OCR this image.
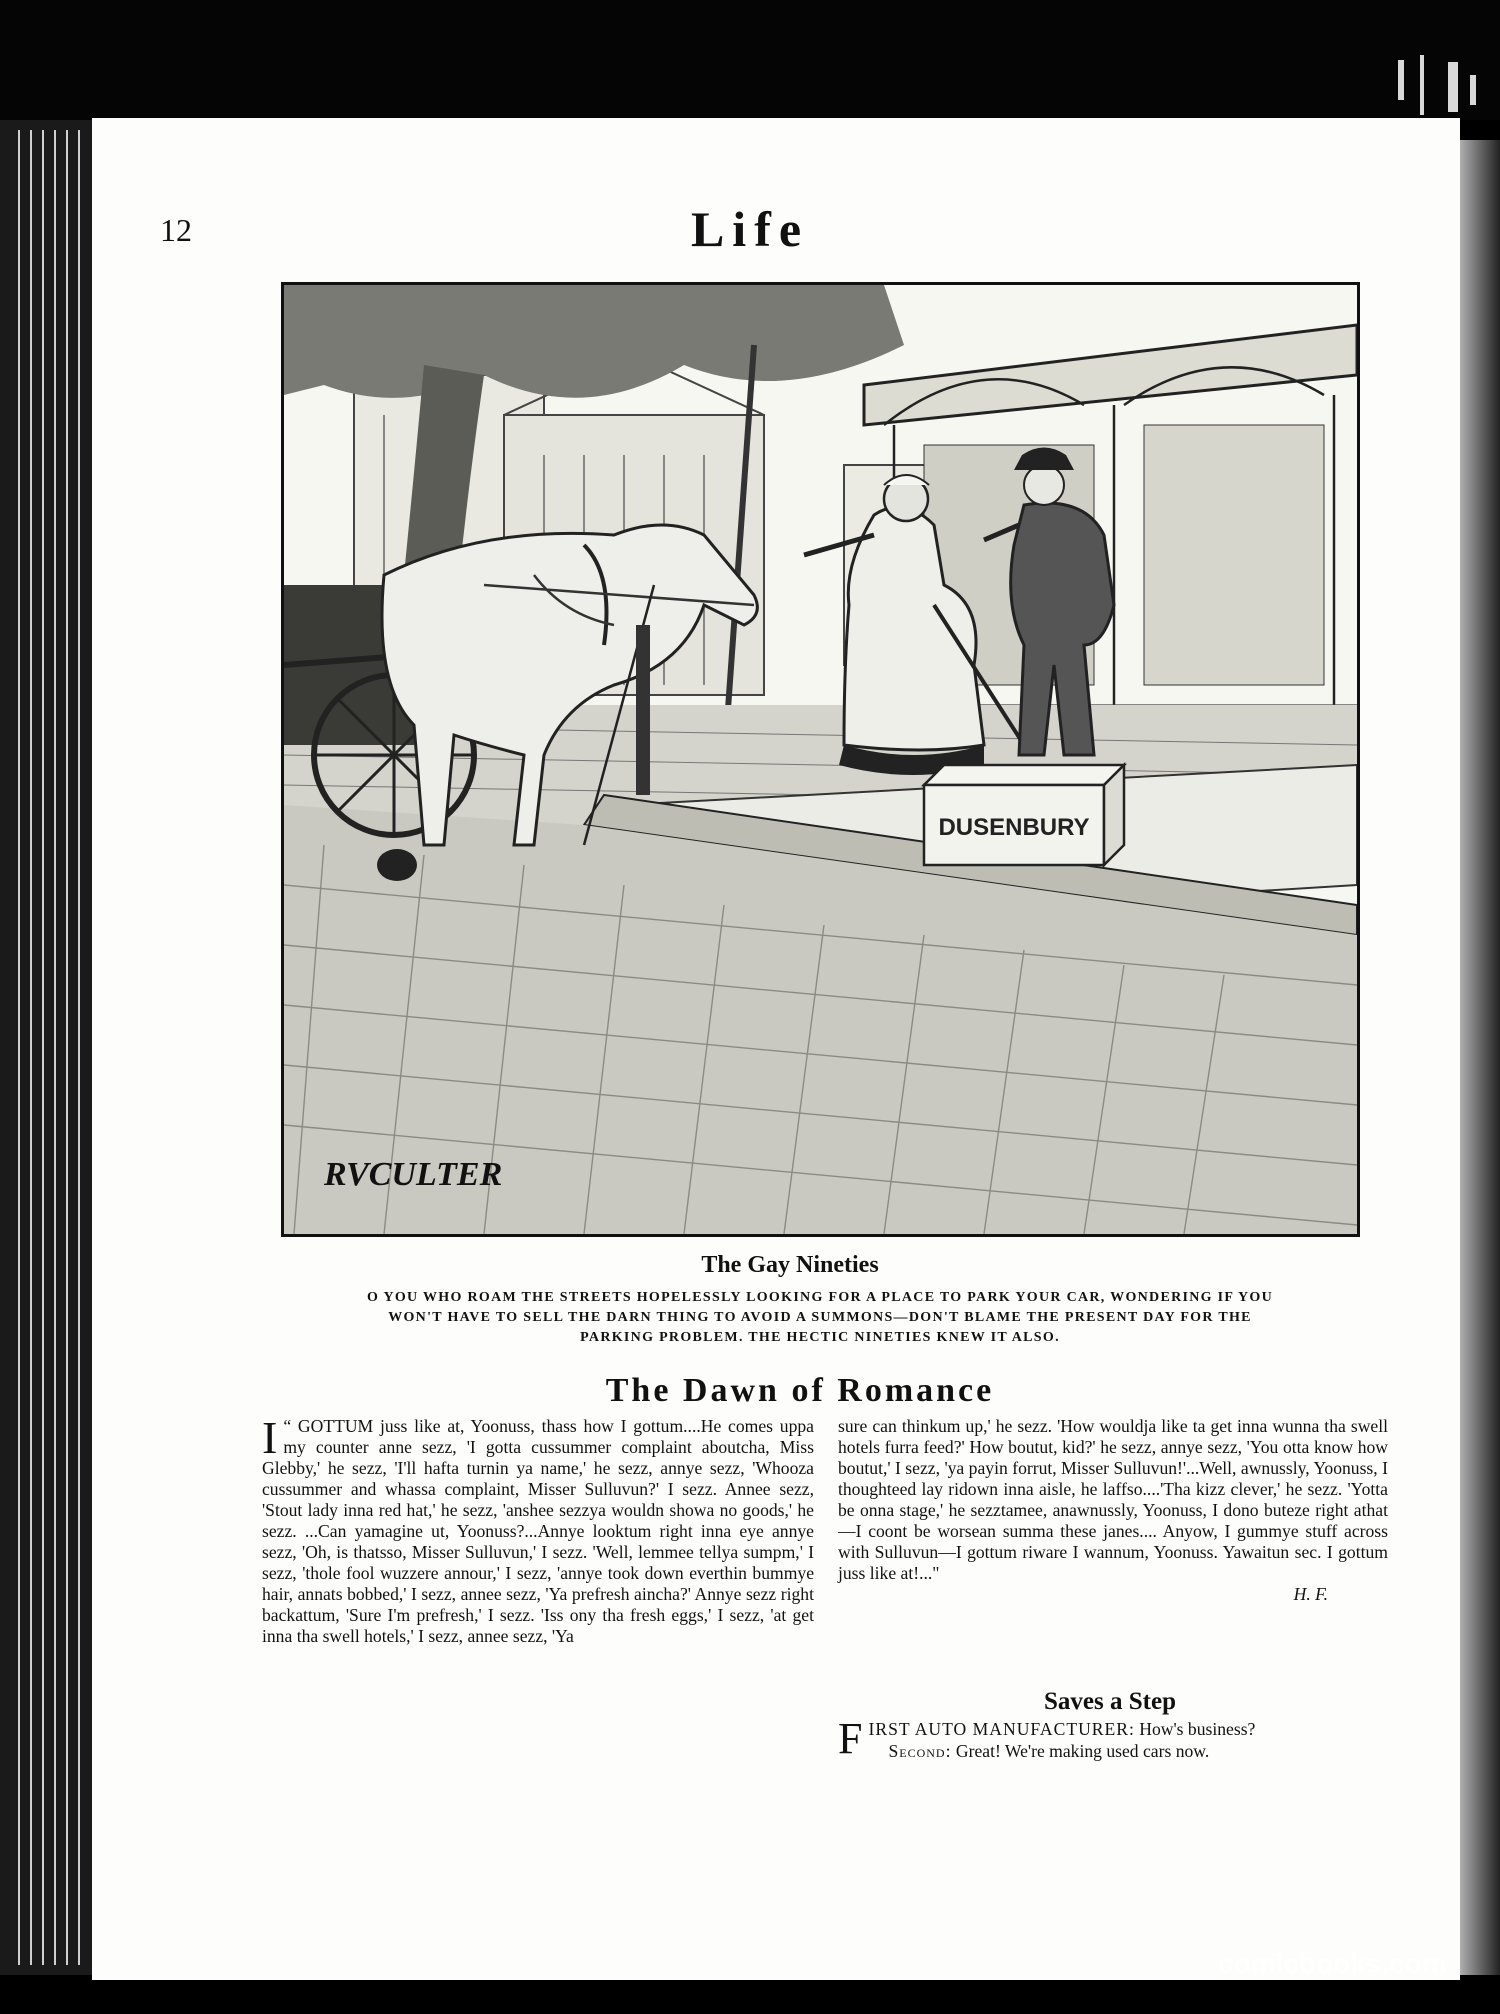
12	Life
DUSENBURY
RVCULTER
The Gay Nineties
O YOU WHO ROAM THE STREETS HOPELESSLY LOOKING FOR A PLACE TO PARK YOUR CAR, WONDERING IF YOU WON'T HAVE TO SELL THE DARN THING TO AVOID A SUMMONS—DON'T BLAME THE PRESENT DAY FOR THE PARKING PROBLEM. THE HECTIC NINETIES KNEW IT ALSO.
The Dawn of Romance
“
I GOTTUM juss like at, Yoonuss, thass how I gottum....He comes uppa my counter anne sezz, 'I gotta cussummer complaint aboutcha, Miss Glebby,' he sezz, 'I'll hafta turnin ya name,' he sezz, annye sezz, 'Whooza cussummer and whassa complaint, Misser Sulluvun?' I sezz. Annee sezz, 'Stout lady inna red hat,' he sezz, 'anshee sezzya wouldn showa no goods,' he sezz. ...Can yamagine ut, Yoonuss?...Annye looktum right inna eye annye sezz, 'Oh, is thatsso, Misser Sulluvun,' I sezz. 'Well, lemmee tellya sumpm,' I sezz, 'thole fool wuzzere annour,' I sezz, 'annye took down everthin bummye hair, annats bobbed,' I sezz, annee sezz, 'Ya prefresh aincha?' Annye sezz right backattum, 'Sure I'm prefresh,' I sezz. 'Iss ony tha fresh eggs,' I sezz, 'at get inna tha swell hotels,' I sezz, annee sezz, 'Ya
sure can thinkum up,' he sezz. 'How wouldja like ta get inna wunna tha swell hotels furra feed?' How boutut, kid?' he sezz, annye sezz, 'You otta know how boutut,' I sezz, 'ya payin forrut, Misser Sulluvun!'...Well, awnussly, Yoonuss, I thoughteed lay ridown inna aisle, he laffso....'Tha kizz clever,' he sezz. 'Yotta be onna stage,' he sezztamee, anawnussly, Yoonuss, I dono buteze right athat—I coont be worsean summa these janes.... Anyow, I gummye stuff across with Sulluvun—I gottum riware I wannum, Yoonuss. Yawaitun sec. I gottum juss like at!..."
H. F.
Saves a Step
FIRST AUTO MANUFACTURER: How's business?
Second: Great! We're making used cars now.
comicbooks.com
